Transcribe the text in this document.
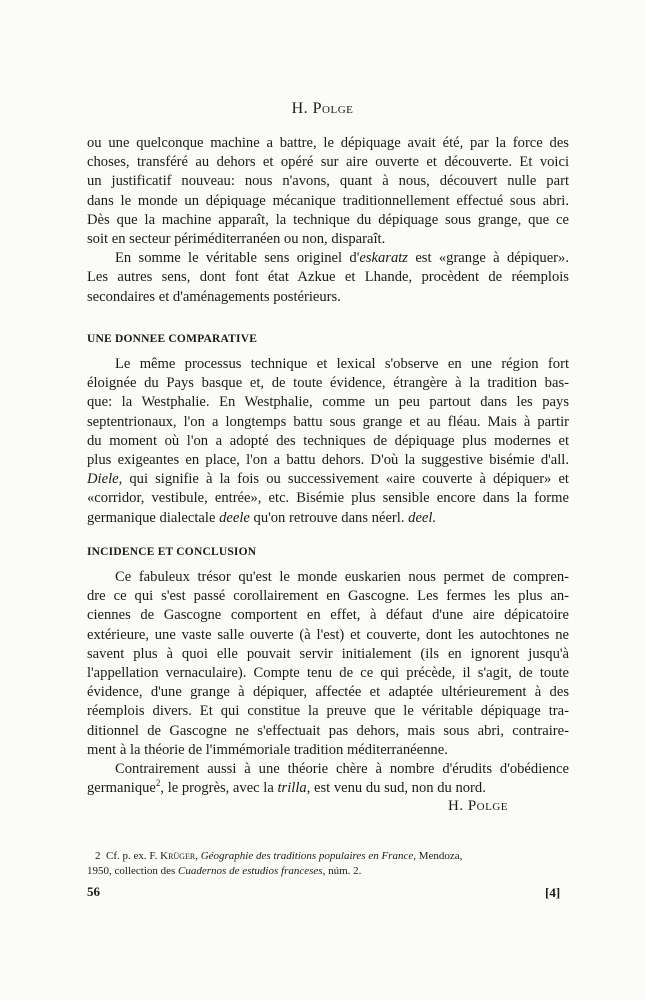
H. Polge

ou une quelconque machine a battre, le dépiquage avait été, par la force des
choses, transféré au dehors et opéré sur aire ouverte et découverte. Et voici
un justificatif nouveau: nous n'avons, quant à nous, découvert nulle part
dans le monde un dépiquage mécanique traditionnellement effectué sous abri.
Dès que la machine apparaît, la technique du dépiquage sous grange, que ce
soit en secteur périméditerranéen ou non, disparaît.

En somme le véritable sens originel d'eskaratz est «grange à dépiquer».
Les autres sens, dont font état Azkue et Lhande, procèdent de réemplois
secondaires et d'aménagements postérieurs.

UNE DONNEE COMPARATIVE

Le même processus technique et lexical s'observe en une région fort
éloignée du Pays basque et, de toute évidence, étrangère à la tradition bas-
que: la Westphalie. En Westphalie, comme un peu partout dans les pays
septentrionaux, l'on a longtemps battu sous grange et au fléau. Mais à partir
du moment où l'on a adopté des techniques de dépiquage plus modernes et
plus exigeantes en place, l'on a battu dehors. D'où la suggestive bisémie d'all.
Diele, qui signifie à la fois ou successivement «aire couverte à dépiquer» et
«corridor, vestibule, entrée», etc. Bisémie plus sensible encore dans la forme
germanique dialectale deele qu'on retrouve dans néerl. deel.

INCIDENCE ET CONCLUSION

Ce fabuleux trésor qu'est le monde euskarien nous permet de compren-
dre ce qui s'est passé corollairement en Gascogne. Les fermes les plus an-
ciennes de Gascogne comportent en effet, à défaut d'une aire dépicatoire
extérieure, une vaste salle ouverte (à l'est) et couverte, dont les autochtones ne
savent plus à quoi elle pouvait servir initialement (ils en ignorent jusqu'à
l'appellation vernaculaire). Compte tenu de ce qui précède, il s'agit, de toute
évidence, d'une grange à dépiquer, affectée et adaptée ultérieurement à des
réemplois divers. Et qui constitue la preuve que le véritable dépiquage tra-
ditionnel de Gascogne ne s'effectuait pas dehors, mais sous abri, contraire-
ment à la théorie de l'immémoriale tradition méditerranéenne.

Contrairement aussi à une théorie chère à nombre d'érudits d'obédience
germanique$^2$, le progrès, avec la trilla, est venu du sud, non du nord.

H. Polge
2 Cf. p. ex. F. Krüger, Géographie des traditions populaires en France, Mendoza,
1950, collection des Cuadernos de estudios franceses, núm. 2.
56	[4]
